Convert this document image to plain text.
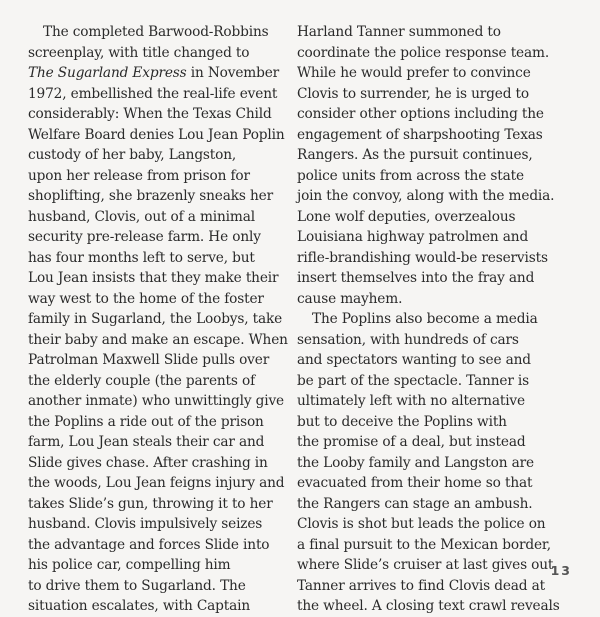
The completed Barwood-Robbins
screenplay, with title changed to
The Sugarland Express in November
1972, embellished the real-life event
considerably: When the Texas Child
Welfare Board denies Lou Jean Poplin
custody of her baby, Langston,
upon her release from prison for
shoplifting, she brazenly sneaks her
husband, Clovis, out of a minimal
security pre-release farm. He only
has four months left to serve, but
Lou Jean insists that they make their
way west to the home of the foster
family in Sugarland, the Loobys, take
their baby and make an escape. When
Patrolman Maxwell Slide pulls over
the elderly couple (the parents of
another inmate) who unwittingly give
the Poplins a ride out of the prison
farm, Lou Jean steals their car and
Slide gives chase. After crashing in
the woods, Lou Jean feigns injury and
takes Slide’s gun, throwing it to her
husband. Clovis impulsively seizes
the advantage and forces Slide into
his police car, compelling him
to drive them to Sugarland. The
situation escalates, with Captain
Harland Tanner summoned to
coordinate the police response team.
While he would prefer to convince
Clovis to surrender, he is urged to
consider other options including the
engagement of sharpshooting Texas
Rangers. As the pursuit continues,
police units from across the state
join the convoy, along with the media.
Lone wolf deputies, overzealous
Louisiana highway patrolmen and
rifle-brandishing would-be reservists
insert themselves into the fray and
cause mayhem.
The Poplins also become a media
sensation, with hundreds of cars
and spectators wanting to see and
be part of the spectacle. Tanner is
ultimately left with no alternative
but to deceive the Poplins with
the promise of a deal, but instead
the Looby family and Langston are
evacuated from their home so that
the Rangers can stage an ambush.
Clovis is shot but leads the police on
a final pursuit to the Mexican border,
where Slide’s cruiser at last gives out.
Tanner arrives to find Clovis dead at
the wheel. A closing text crawl reveals
13
